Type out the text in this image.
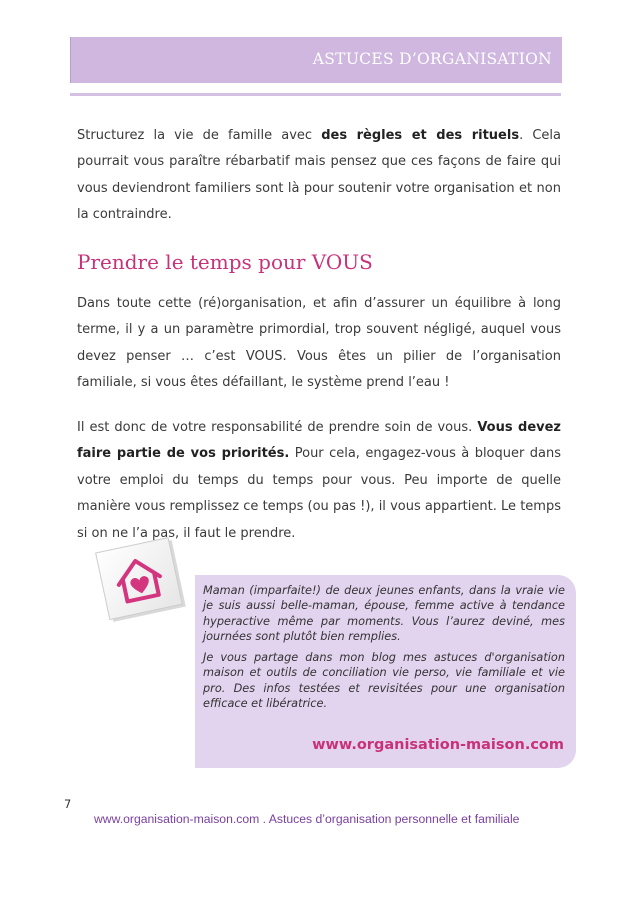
ASTUCES D’ORGANISATION
Structurez la vie de famille avec des règles et des rituels. Cela pourrait vous paraître rébarbatif mais pensez que ces façons de faire qui vous deviendront familiers sont là pour soutenir votre organisation et non la contraindre.
Prendre le temps pour VOUS
Dans toute cette (ré)organisation, et afin d’assurer un équilibre à long terme, il y a un paramètre primordial, trop souvent négligé, auquel vous devez penser … c’est VOUS. Vous êtes un pilier de l’organisation familiale, si vous êtes défaillant, le système prend l’eau !
Il est donc de votre responsabilité de prendre soin de vous. Vous devez faire partie de vos priorités. Pour cela, engagez-vous à bloquer dans votre emploi du temps du temps pour vous. Peu importe de quelle manière vous remplissez ce temps (ou pas !), il vous appartient. Le temps si on ne l’a pas, il faut le prendre.

Maman (imparfaite!) de deux jeunes enfants, dans la vraie vie je suis aussi belle-maman, épouse, femme active à tendance hyperactive même par moments. Vous l’aurez deviné, mes journées sont plutôt bien remplies.

Je vous partage dans mon blog mes astuces d'organisation maison et outils de conciliation vie perso, vie familiale et vie pro. Des infos testées et revisitées pour une organisation efficace et libératrice.

www.organisation-maison.com
7
www.organisation-maison.com . Astuces d’organisation personnelle et familiale
